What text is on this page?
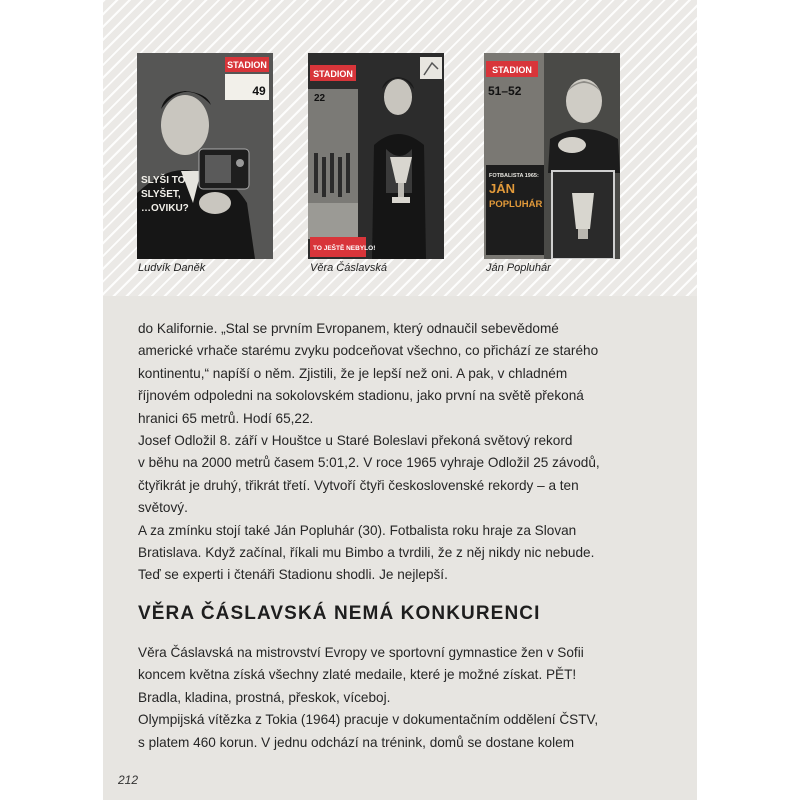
STADION
49
SLYŠI TO
SLYŠET,
…OVIKU?
STADION
22
TO JEŠTĚ NEBYLO!
STADION
51–52
FOTBALISTA 1965:
JÁN
POPLUHÁR
Ludvík Daněk	Věra Čáslavská	Ján Popluhár

do Kalifornie. „Stal se prvním Evropanem, který odnaučil sebevědomé

americké vrhače starému zvyku podceňovat všechno, co přichází ze starého

kontinentu,“ napíší o něm. Zjistili, že je lepší než oni. A pak, v chladném

říjnovém odpoledni na sokolovském stadionu, jako první na světě překoná

hranici 65 metrů. Hodí 65,22.

Josef Odložil 8. září v Houštce u Staré Boleslavi překoná světový rekord

v běhu na 2000 metrů časem 5:01,2. V roce 1965 vyhraje Odložil 25 závodů,

čtyřikrát je druhý, třikrát třetí. Vytvoří čtyři československé rekordy – a ten

světový.

A za zmínku stojí také Ján Popluhár (30). Fotbalista roku hraje za Slovan

Bratislava. Když začínal, říkali mu Bimbo a tvrdili, že z něj nikdy nic nebude.

Teď se experti i čtenáři Stadionu shodli. Je nejlepší.

VĚRA ČÁSLAVSKÁ NEMÁ KONKURENCI

Věra Čáslavská na mistrovství Evropy ve sportovní gymnastice žen v Sofii

koncem května získá všechny zlaté medaile, které je možné získat. PĚT!

Bradla, kladina, prostná, přeskok, víceboj.

Olympijská vítězka z Tokia (1964) pracuje v dokumentačním oddělení ČSTV,

s platem 460 korun. V jednu odchází na trénink, domů se dostane kolem

212
